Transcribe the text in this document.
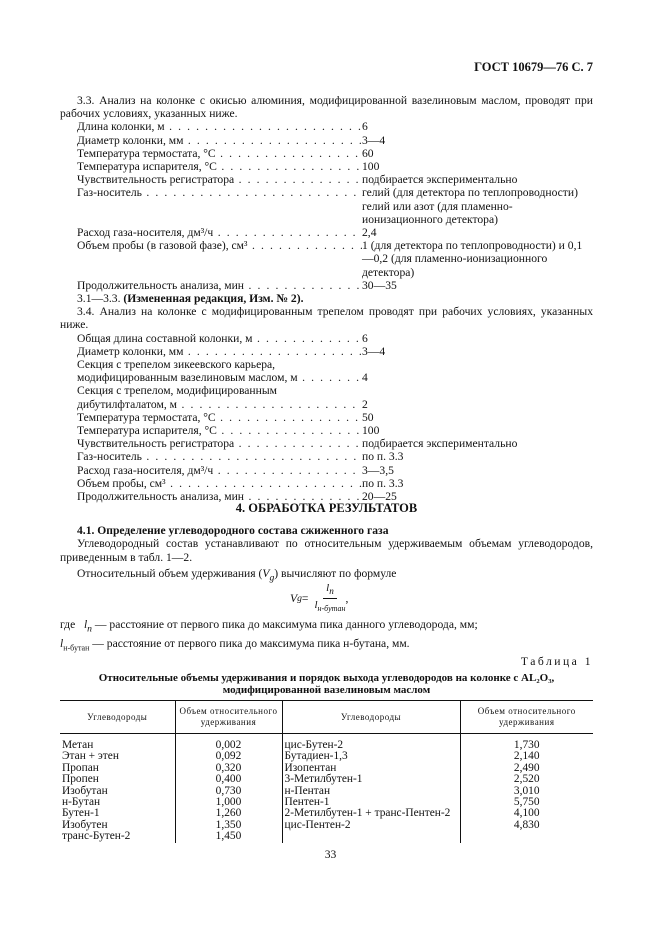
ГОСТ 10679—76 С. 7

3.3. Анализ на колонке с окисью алюминия, модифицированной вазелиновым маслом, проводят при рабочих условиях, указанных ниже.

Длина колонки, м . . .	6
Диаметр колонки, мм . . .	3—4
Температура термостата, °С . . .	60
Температура испарителя, °С . . .	100
Чувствительность регистратора . . .	подбирается экспериментально
Газ-носитель . . .	гелий (для детектора по теплопроводности) гелий или азот (для пламенно-ионизационного детектора)
Расход газа-носителя, дм³/ч . . .	2,4
Объем пробы (в газовой фазе), см³ . . .	1 (для детектора по теплопроводности) и 0,1—0,2 (для пламенно-ионизационного детектора)
Продолжительность анализа, мин . . .	30—35

3.1—3.3. (Измененная редакция, Изм. № 2).

3.4. Анализ на колонке с модифицированным трепелом проводят при рабочих условиях, указанных ниже.

Общая длина составной колонки, м . . .	6
Диаметр колонки, мм . . .	3—4
Секция с трепелом зикеевского карьера,
модифицированным вазелиновым маслом, м . . .	4
Секция с трепелом, модифицированным
дибутилфталатом, м . . .	2
Температура термостата, °С . . .	50
Температура испарителя, °С . . .	100
Чувствительность регистратора . . .	подбирается экспериментально
Газ-носитель . . .	по п. 3.3
Расход газа-носителя, дм³/ч . . .	3—3,5
Объем пробы, см³ . . .	по п. 3.3
Продолжительность анализа, мин . . .	20—25
4. ОБРАБОТКА РЕЗУЛЬТАТОВ

4.1. Определение углеводородного состава сжиженного газа

Углеводородный состав устанавливают по относительным удерживаемым объемам углеводородов, приведенным в табл. 1—2.

Относительный объем удерживания $(V_g)$ вычисляют по формуле

V $g = \frac{l_n}{l_{н-бутан}}$ ,
где $l_n$ — расстояние от первого пика до максимума пика данного углеводорода, мм;
$l_{н-бутан}$ — расстояние от первого пика до максимума пика н-бутана, мм.
Таблица 1
Относительные объемы удерживания и порядок выхода углеводородов на колонке с AL₂O₃,
модифицированной вазелиновым маслом
Углеводороды	Объем относительного удерживания	Углеводороды	Объем относительного удерживания
Метан	0,002	цис-Бутен-2	1,730
Этан + этен	0,092	Бутадиен-1,3	2,140
Пропан	0,320	Изопентан	2,490
Пропен	0,400	3-Метилбутен-1	2,520
Изобутан	0,730	н-Пентан	3,010
н-Бутан	1,000	Пентен-1	5,750
Бутен-1	1,260	2-Метилбутен-1 + транс-Пентен-2	4,100
Изобутен	1,350	цис-Пентен-2	4,830
транс-Бутен-2	1,450		
33
